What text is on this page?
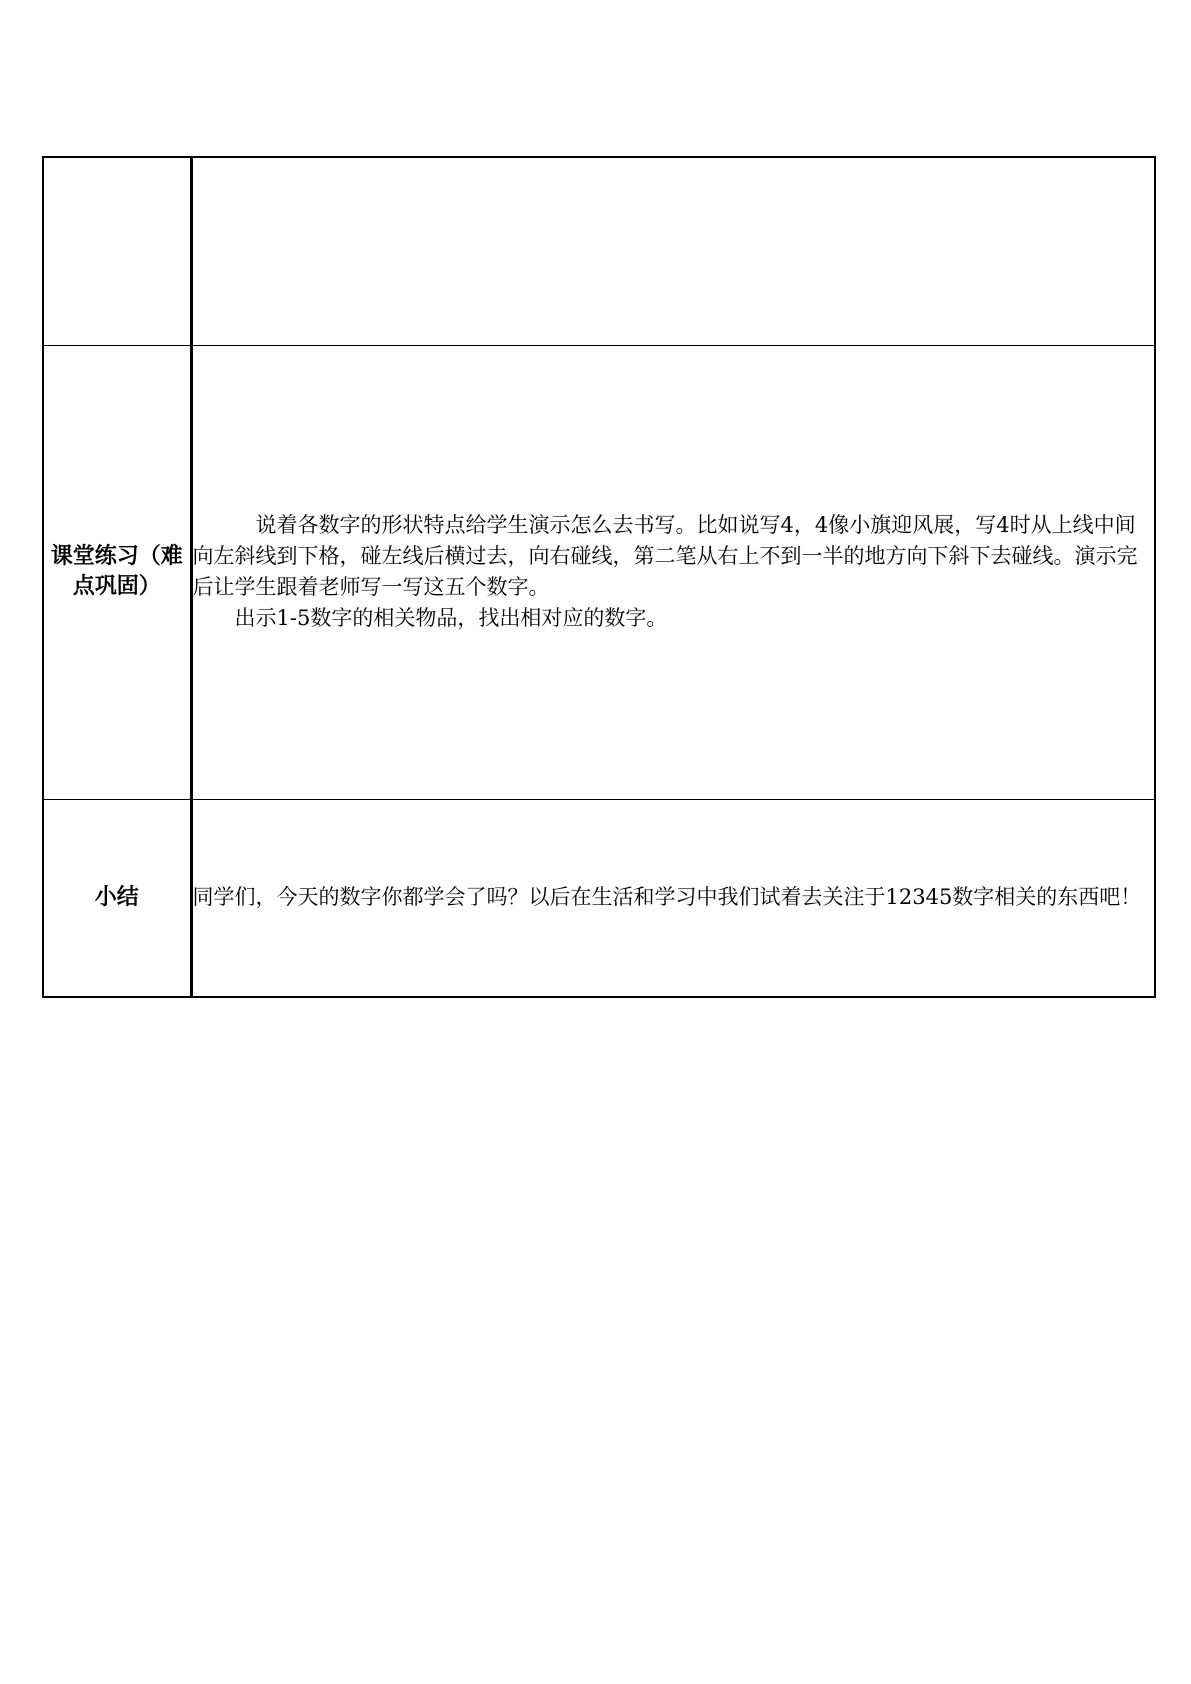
课堂练习（难点巩固）	说着各数字的形状特点给学生演示怎么去书写。比如说写4，4像小旗迎风展，写4时从上线中间向左斜线到下格，碰左线后横过去，向右碰线，第二笔从右上不到一半的地方向下斜下去碰线。演示完后让学生跟着老师写一写这五个数字。

出示1-5数字的相关物品，找出相对应的数字。

小结	同学们，今天的数字你都学会了吗？以后在生活和学习中我们试着去关注于12345数字相关的东西吧！
